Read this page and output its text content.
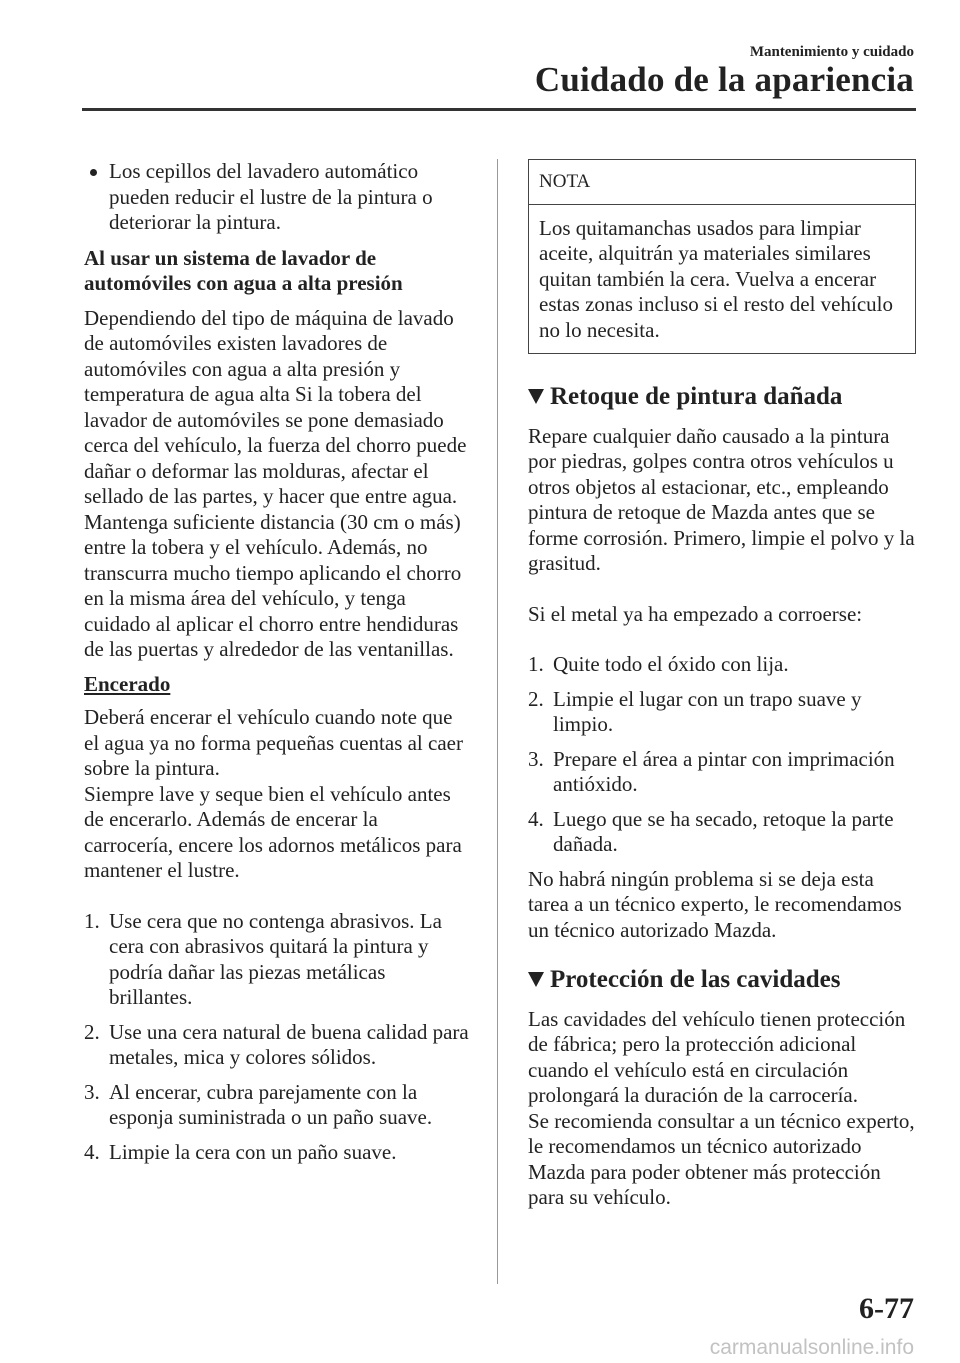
Mantenimiento y cuidado
Cuidado de la apariencia
Los cepillos del lavadero automático pueden reducir el lustre de la pintura o deteriorar la pintura.
Al usar un sistema de lavador de automóviles con agua a alta presión

Dependiendo del tipo de máquina de lavado de automóviles existen lavadores de automóviles con agua a alta presión y temperatura de agua alta Si la tobera del lavador de automóviles se pone demasiado cerca del vehículo, la fuerza del chorro puede dañar o deformar las molduras, afectar el sellado de las partes, y hacer que entre agua. Mantenga suficiente distancia (30 cm o más) entre la tobera y el vehículo. Además, no transcurra mucho tiempo aplicando el chorro en la misma área del vehículo, y tenga cuidado al aplicar el chorro entre hendiduras de las puertas y alrededor de las ventanillas.

Encerado

Deberá encerar el vehículo cuando note que el agua ya no forma pequeñas cuentas al caer sobre la pintura.

Siempre lave y seque bien el vehículo antes de encerarlo. Además de encerar la carrocería, encere los adornos metálicos para mantener el lustre.

1. Use cera que no contenga abrasivos. La cera con abrasivos quitará la pintura y podría dañar las piezas metálicas brillantes.
2. Use una cera natural de buena calidad para metales, mica y colores sólidos.
3. Al encerar, cubra parejamente con la esponja suministrada o un paño suave.
4. Limpie la cera con un paño suave.
NOTA
Los quitamanchas usados para limpiar aceite, alquitrán ya materiales similares quitan también la cera. Vuelva a encerar estas zonas incluso si el resto del vehículo no lo necesita.
Retoque de pintura dañada

Repare cualquier daño causado a la pintura por piedras, golpes contra otros vehículos u otros objetos al estacionar, etc., empleando pintura de retoque de Mazda antes que se forme corrosión. Primero, limpie el polvo y la grasitud.

Si el metal ya ha empezado a corroerse:

1. Quite todo el óxido con lija.
2. Limpie el lugar con un trapo suave y limpio.
3. Prepare el área a pintar con imprimación antióxido.
4. Luego que se ha secado, retoque la parte dañada.

No habrá ningún problema si se deja esta tarea a un técnico experto, le recomendamos un técnico autorizado Mazda.

Protección de las cavidades

Las cavidades del vehículo tienen protección de fábrica; pero la protección adicional cuando el vehículo está en circulación prolongará la duración de la carrocería.

Se recomienda consultar a un técnico experto, le recomendamos un técnico autorizado Mazda para poder obtener más protección para su vehículo.

6-77
carmanualsonline.info
